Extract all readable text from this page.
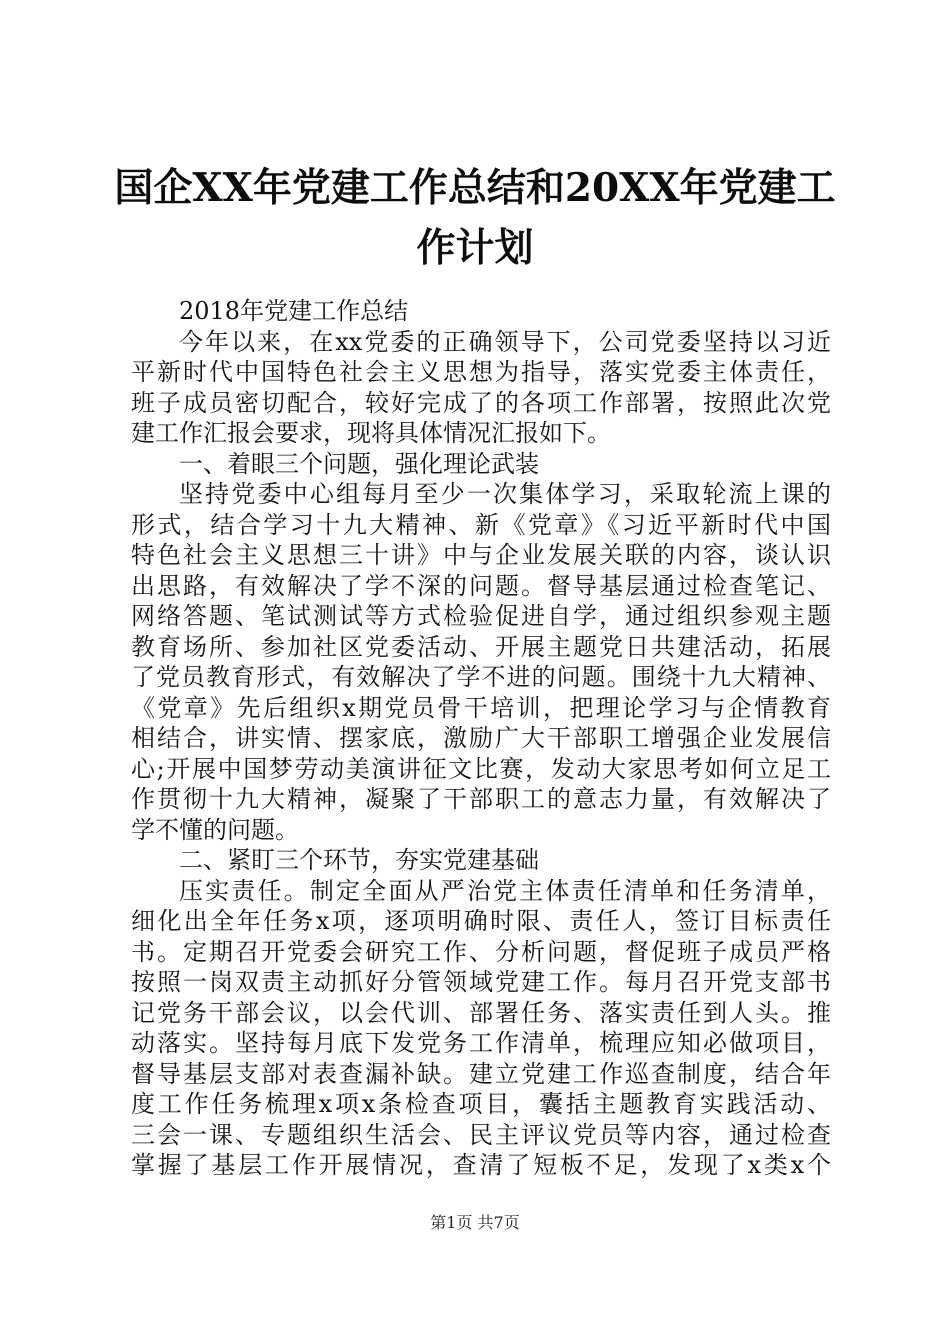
国企XX年党建工作总结和20XX年党建工作计划
2018年党建工作总结
今年以来，在xx党委的正确领导下，公司党委坚持以习近
平新时代中国特色社会主义思想为指导，落实党委主体责任，
班子成员密切配合，较好完成了的各项工作部署，按照此次党
建工作汇报会要求，现将具体情况汇报如下。
一、着眼三个问题，强化理论武装
坚持党委中心组每月至少一次集体学习，采取轮流上课的
形式，结合学习十九大精神、新《党章》《习近平新时代中国
特色社会主义思想三十讲》中与企业发展关联的内容，谈认识
出思路，有效解决了学不深的问题。督导基层通过检查笔记、
网络答题、笔试测试等方式检验促进自学，通过组织参观主题
教育场所、参加社区党委活动、开展主题党日共建活动，拓展
了党员教育形式，有效解决了学不进的问题。围绕十九大精神、
《党章》先后组织x期党员骨干培训，把理论学习与企情教育
相结合，讲实情、摆家底，激励广大干部职工增强企业发展信
心;开展中国梦劳动美演讲征文比赛，发动大家思考如何立足工
作贯彻十九大精神，凝聚了干部职工的意志力量，有效解决了
学不懂的问题。
二、紧盯三个环节，夯实党建基础
压实责任。制定全面从严治党主体责任清单和任务清单，
细化出全年任务x项，逐项明确时限、责任人，签订目标责任
书。定期召开党委会研究工作、分析问题，督促班子成员严格
按照一岗双责主动抓好分管领域党建工作。每月召开党支部书
记党务干部会议，以会代训、部署任务、落实责任到人头。推
动落实。坚持每月底下发党务工作清单，梳理应知必做项目，
督导基层支部对表查漏补缺。建立党建工作巡查制度，结合年
度工作任务梳理x项x条检查项目，囊括主题教育实践活动、
三会一课、专题组织生活会、民主评议党员等内容，通过检查
掌握了基层工作开展情况，查清了短板不足，发现了x类x个
第1页 共7页
